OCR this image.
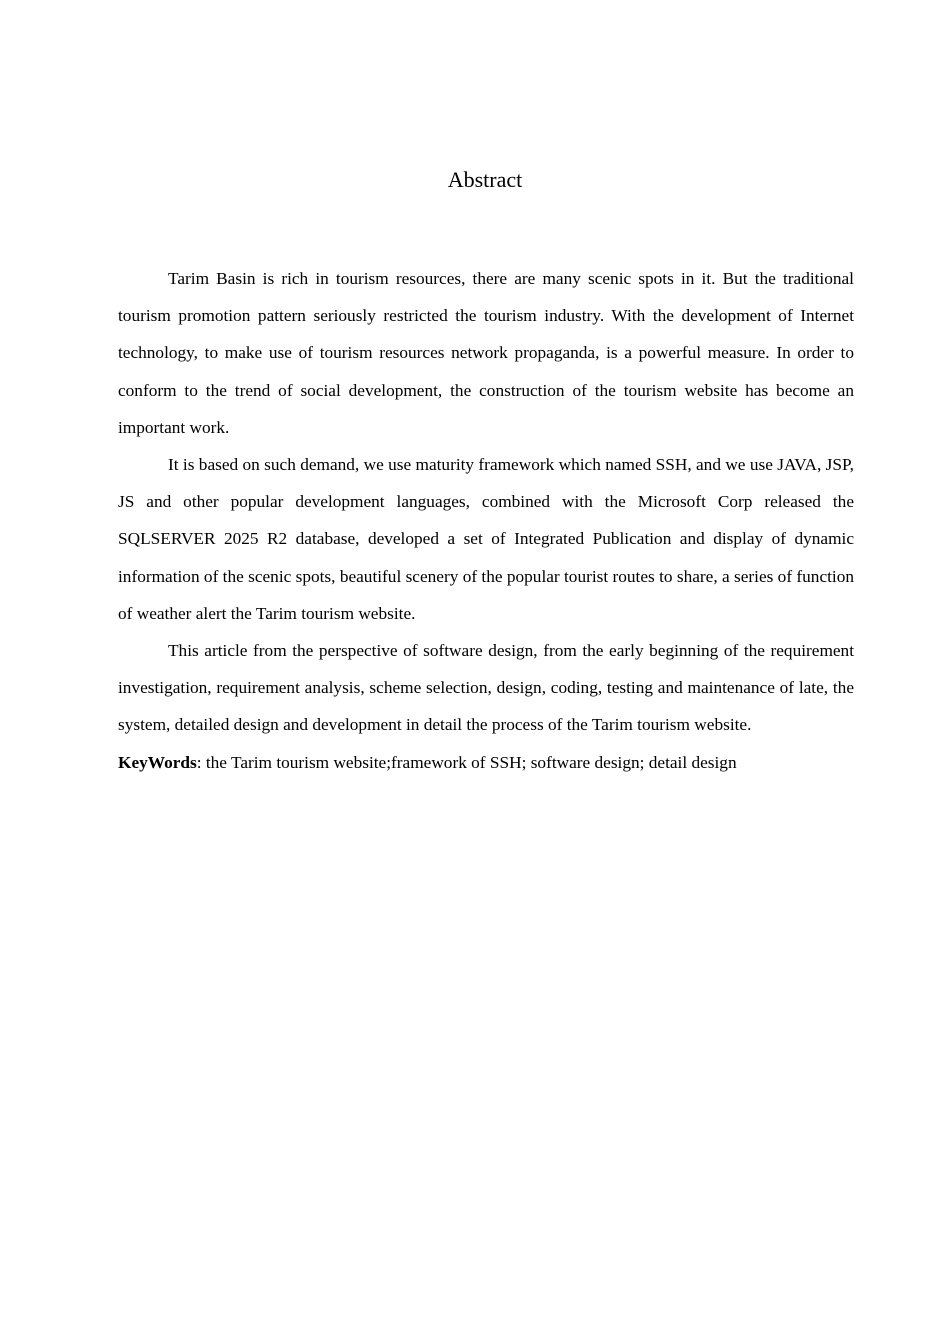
Abstract

Tarim Basin is rich in tourism resources, there are many scenic spots in it. But the traditional tourism promotion pattern seriously restricted the tourism industry. With the development of Internet technology, to make use of tourism resources network propaganda, is a powerful measure. In order to conform to the trend of social development, the construction of the tourism website has become an important work.

It is based on such demand, we use maturity framework which named SSH, and we use JAVA, JSP, JS and other popular development languages, combined with the Microsoft Corp released the SQLSERVER 2025 R2 database, developed a set of Integrated Publication and display of dynamic information of the scenic spots, beautiful scenery of the popular tourist routes to share, a series of function of weather alert the Tarim tourism website.

This article from the perspective of software design, from the early beginning of the requirement investigation, requirement analysis, scheme selection, design, coding, testing and maintenance of late, the system, detailed design and development in detail the process of the Tarim tourism website.

KeyWords: the Tarim tourism website;framework of SSH; software design; detail design
